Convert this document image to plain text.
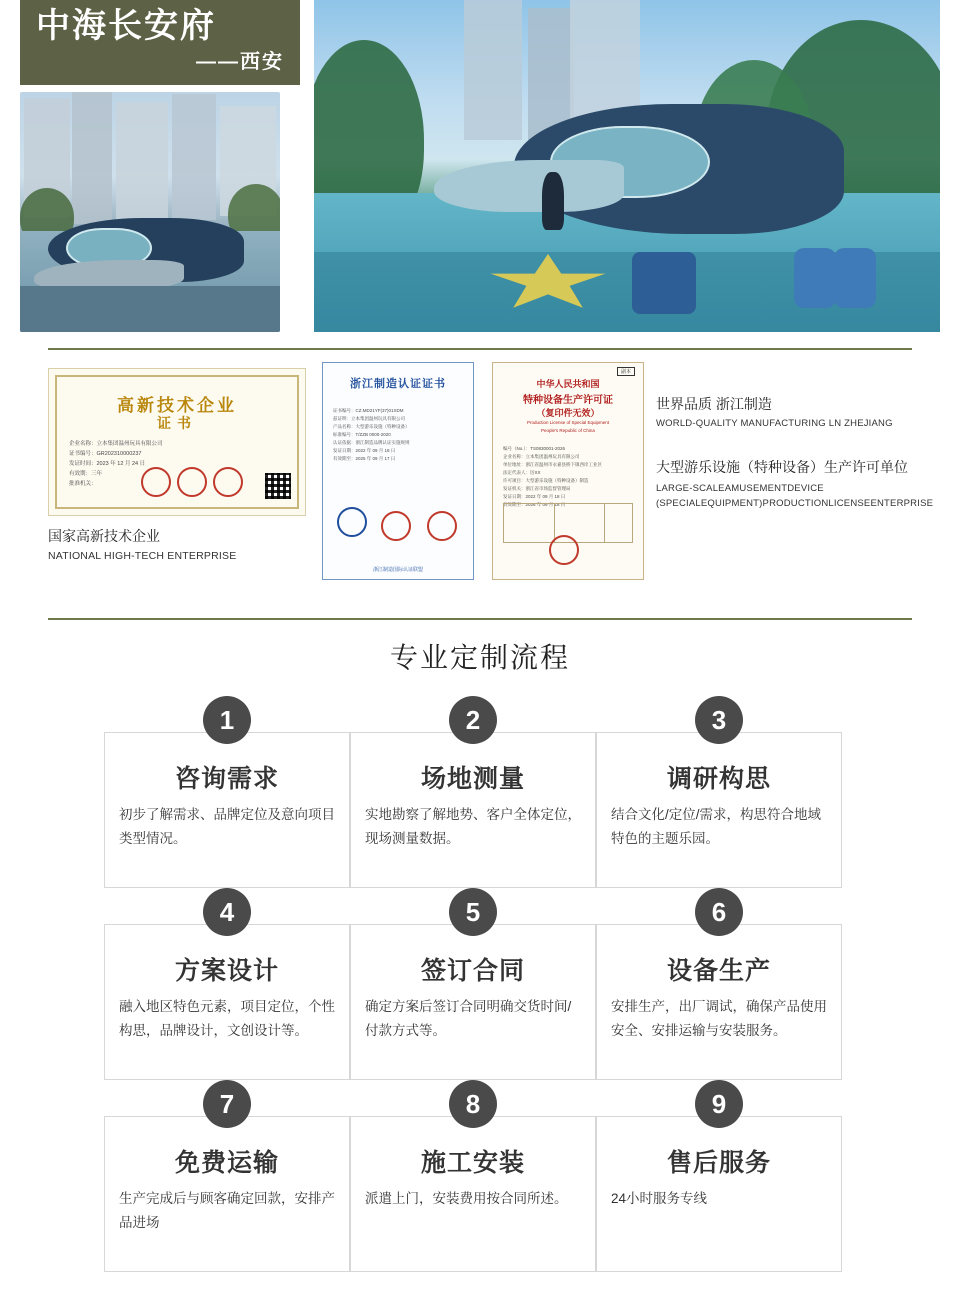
中海长安府
——西安
高新技术企业
证书
企业名称：立本集团温州玩具有限公司
证书编号：GR202310000237
发证时间：2023 年 12 月 24 日
有效期：三年
批准机关：
国家高新技术企业
NATIONAL HIGH-TECH ENTERPRISE
浙江制造认证证书
证书编号：CZ.MD21YF(37)01XDM
兹证明：立本集团温州玩具有限公司
产品名称：大型游乐设施（特种设备）
标准编号：T/ZZB 0000-2020
认证依据：浙江制造品牌认证实施规则
发证日期：2022 年 09 月 18 日
有效期至：2025 年 09 月 17 日
浙江制造国际认证联盟
副本
中华人民共和国
特种设备生产许可证
（复印件无效）
Production License of Special Equipment
People's Republic of China
编号（No.）：TS0830001-2026
企业名称：立本集团温州玩具有限公司
单位地址：浙江省温州市永嘉县桥下镇西岸工业区
法定代表人：厉XX
许可项目：大型游乐设施（特种设备）制造
发证机关：浙江省市场监督管理局
发证日期：2022 年 09 月 18 日
有效期至：2026 年 09 月 18 日
世界品质 浙江制造
WORLD-QUALITY MANUFACTURING LN ZHEJIANG
大型游乐设施（特种设备）生产许可单位
LARGE-SCALEAMUSEMENTDEVICE
(SPECIALEQUIPMENT)PRODUCTIONLICENSEENTERPRISE
专业定制流程
1	2	3
咨询需求
初步了解需求、品牌定位及意向项目类型情况。
场地测量
实地勘察了解地势、客户全体定位，现场测量数据。
调研构思
结合文化/定位/需求，构思符合地域特色的主题乐园。
4	5	6
方案设计
融入地区特色元素，项目定位，个性构思，品牌设计，文创设计等。
签订合同
确定方案后签订合同明确交货时间/付款方式等。
设备生产
安排生产，出厂调试，确保产品使用安全、安排运输与安装服务。
7	8	9
免费运输
生产完成后与顾客确定回款，安排产品进场
施工安装
派遣上门，安装费用按合同所述。
售后服务
24小时服务专线
